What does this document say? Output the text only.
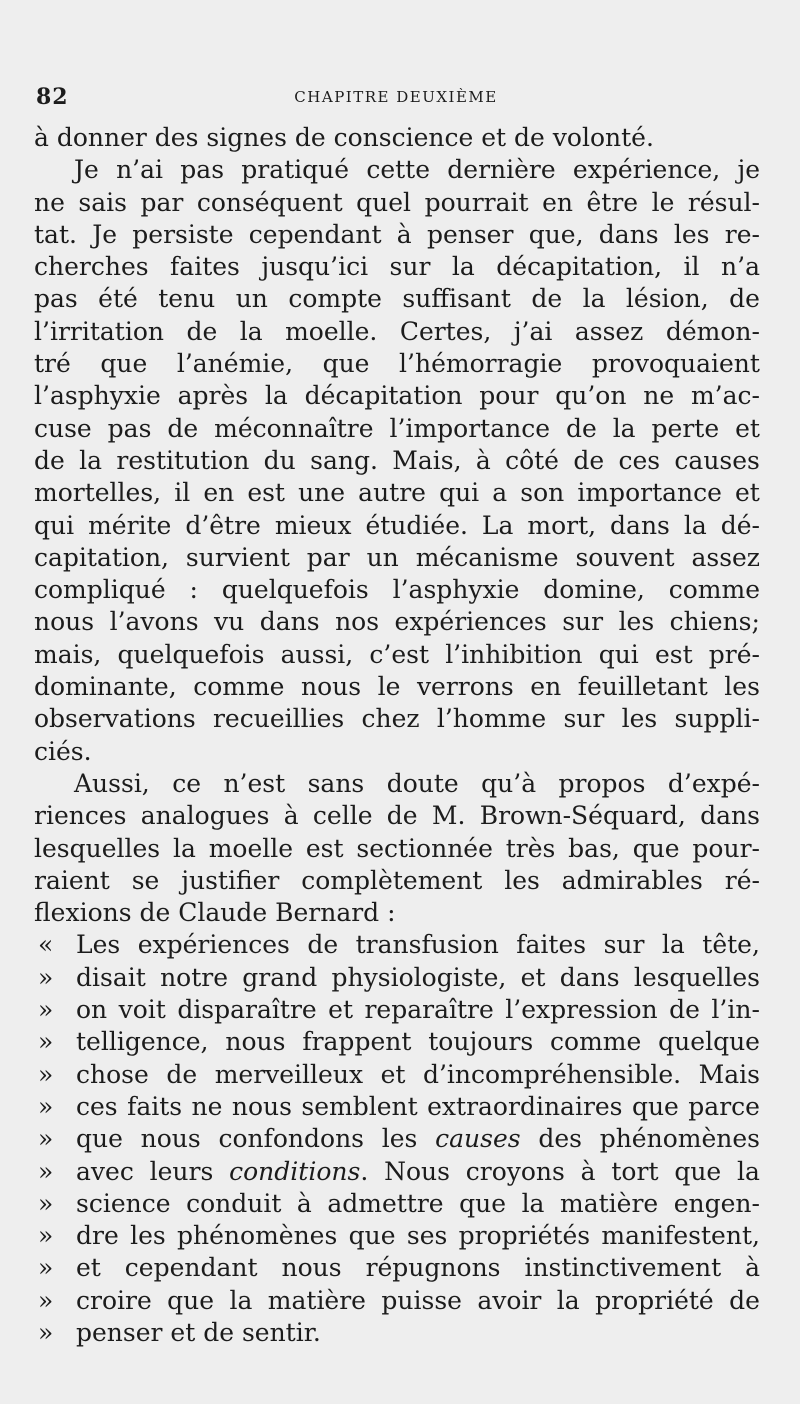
82	CHAPITRE DEUXIÈME
à donner des signes de conscience et de volonté.
Je n’ai pas pratiqué cette dernière expérience, je
ne sais par conséquent quel pourrait en être le résul-
tat. Je persiste cependant à penser que, dans les re-
cherches faites jusqu’ici sur la décapitation, il n’a
pas été tenu un compte suffisant de la lésion, de
l’irritation de la moelle. Certes, j’ai assez démon-
tré que l’anémie, que l’hémorragie provoquaient
l’asphyxie après la décapitation pour qu’on ne m’ac-
cuse pas de méconnaître l’importance de la perte et
de la restitution du sang. Mais, à côté de ces causes
mortelles, il en est une autre qui a son importance et
qui mérite d’être mieux étudiée. La mort, dans la dé-
capitation, survient par un mécanisme souvent assez
compliqué : quelquefois l’asphyxie domine, comme
nous l’avons vu dans nos expériences sur les chiens;
mais, quelquefois aussi, c’est l’inhibition qui est pré-
dominante, comme nous le verrons en feuilletant les
observations recueillies chez l’homme sur les suppli-
ciés.
Aussi, ce n’est sans doute qu’à propos d’expé-
riences analogues à celle de M. Brown-Séquard, dans
lesquelles la moelle est sectionnée très bas, que pour-
raient se justifier complètement les admirables ré-
flexions de Claude Bernard :
« Les expériences de transfusion faites sur la tête,
» disait notre grand physiologiste, et dans lesquelles
» on voit disparaître et reparaître l’expression de l’in-
» telligence, nous frappent toujours comme quelque
» chose de merveilleux et d’incompréhensible. Mais
» ces faits ne nous semblent extraordinaires que parce
» que nous confondons les causes des phénomènes
» avec leurs conditions. Nous croyons à tort que la
» science conduit à admettre que la matière engen-
» dre les phénomènes que ses propriétés manifestent,
» et cependant nous répugnons instinctivement à
» croire que la matière puisse avoir la propriété de
» penser et de sentir.
